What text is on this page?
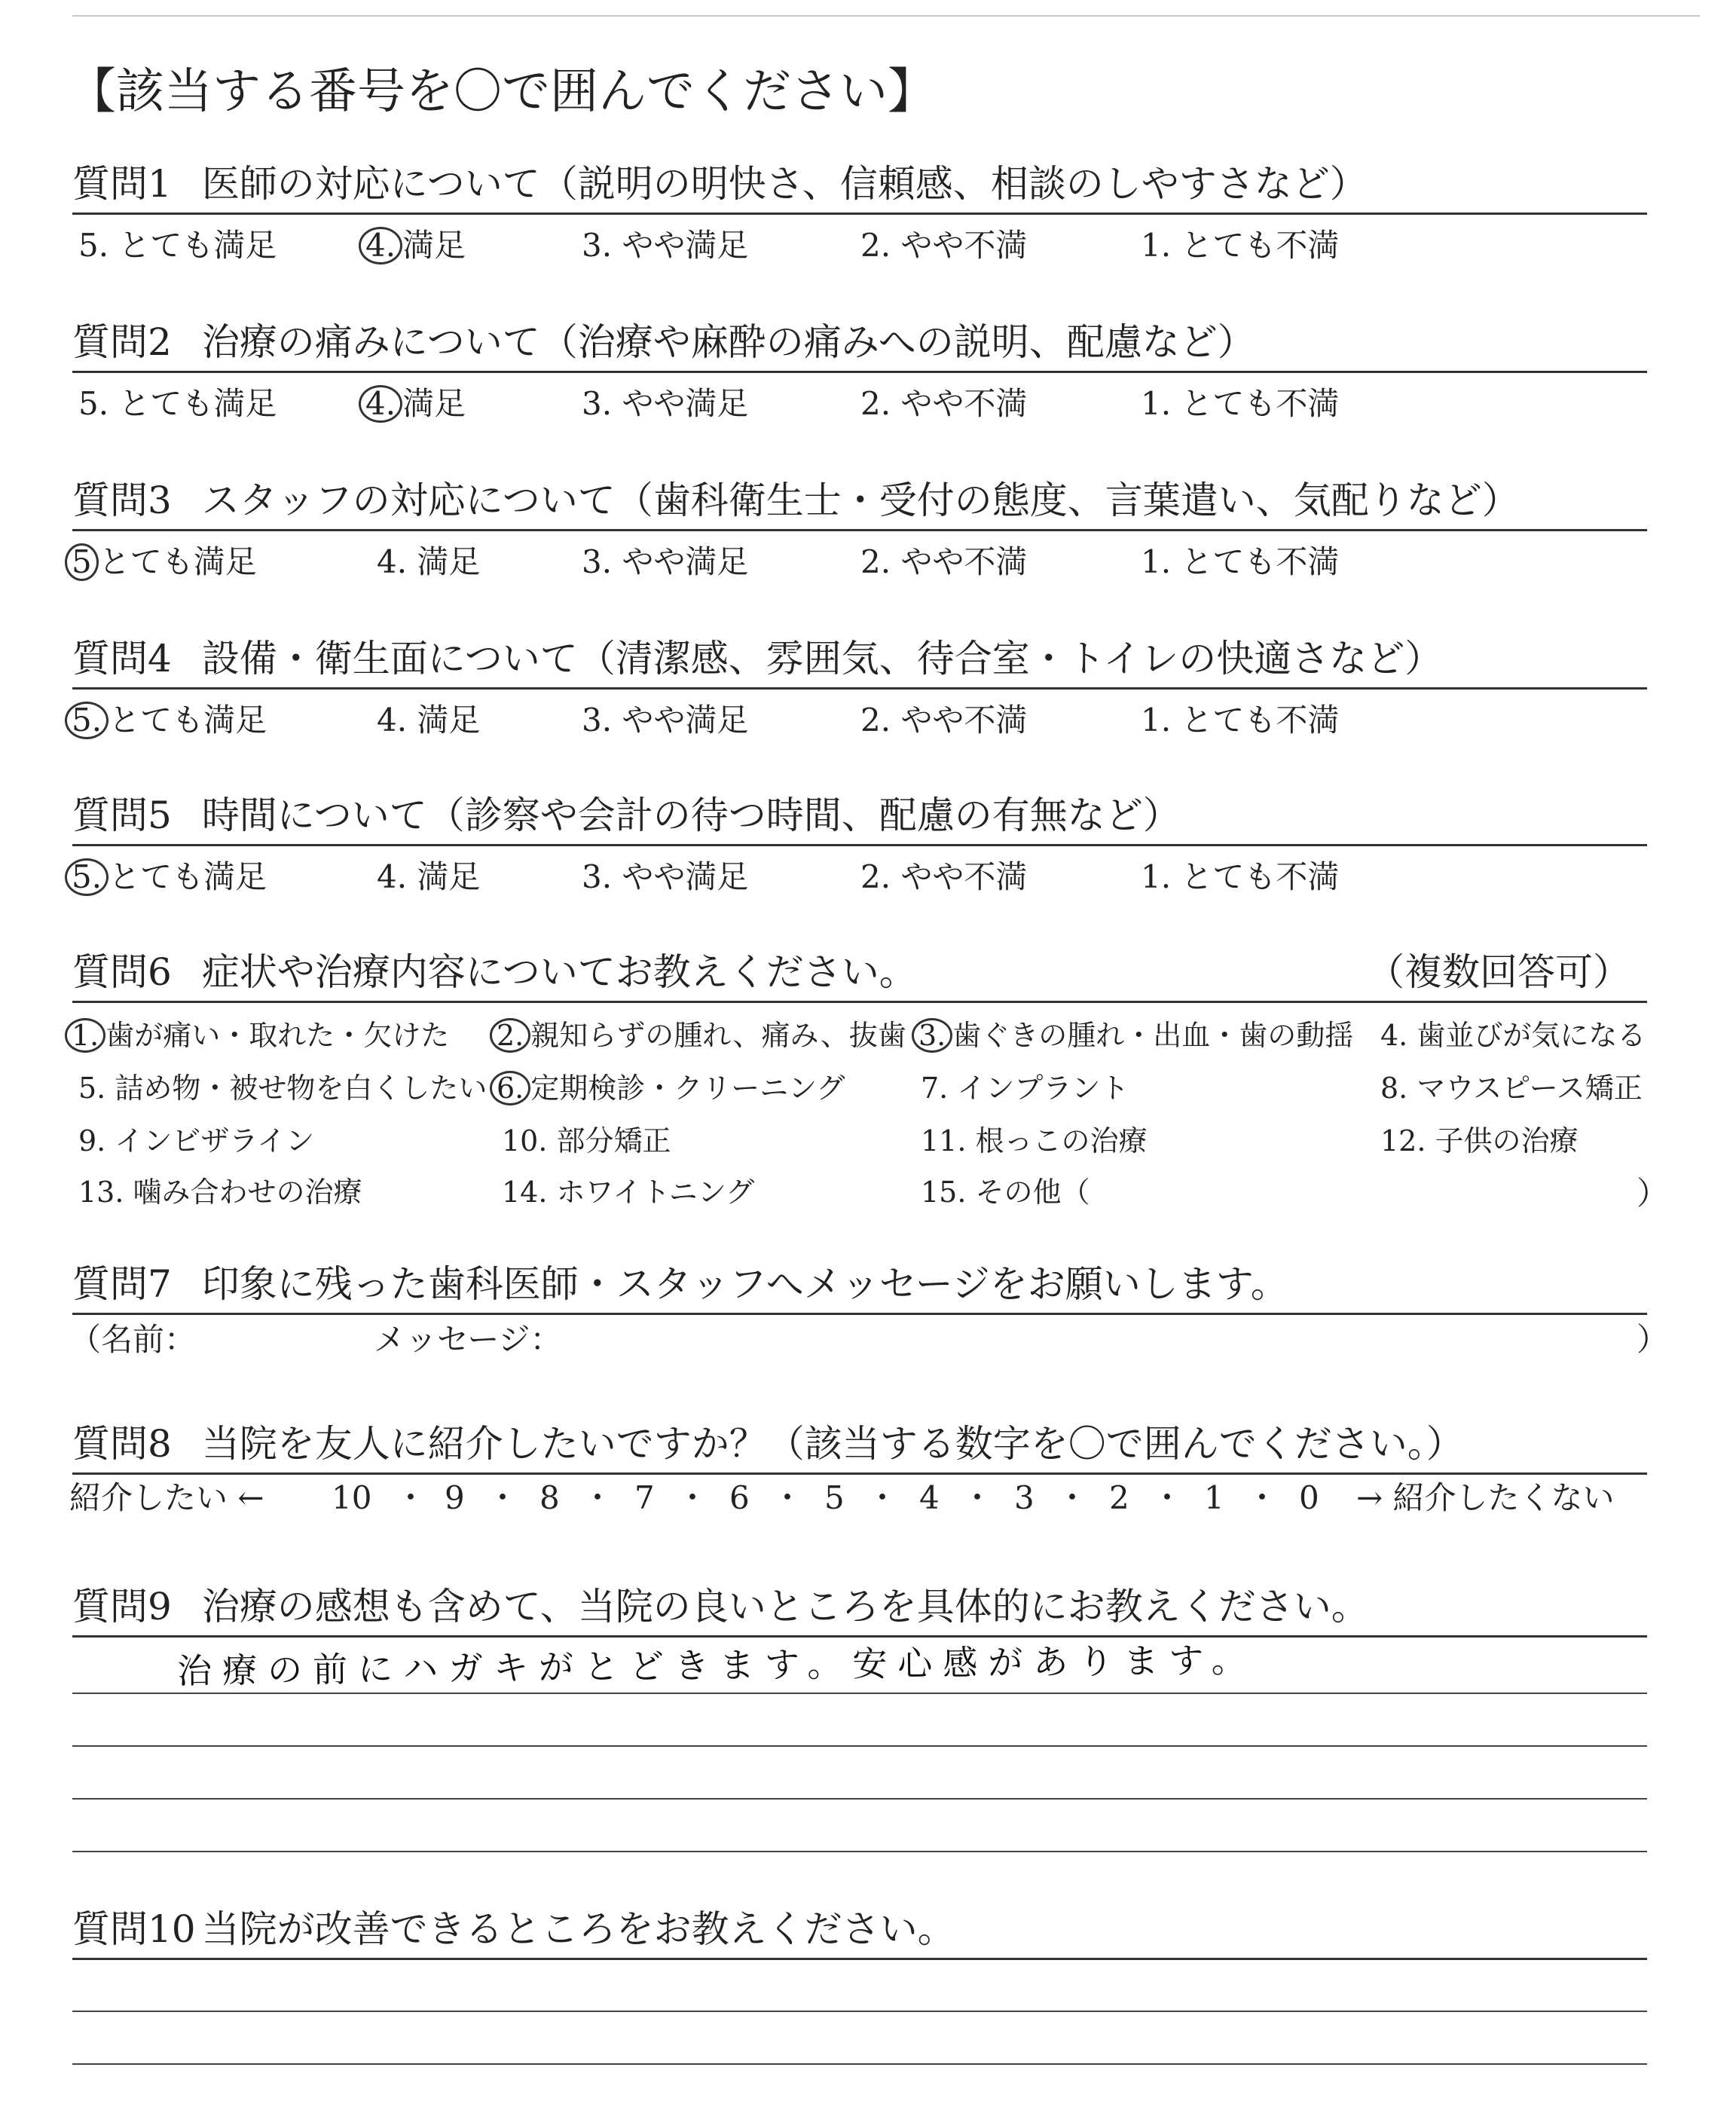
【該当する番号を〇で囲んでください】
質問1 医師の対応について（説明の明快さ、信頼感、相談のしやすさなど）
5. とても満足	4. 満足	3. やや満足	2. やや不満	1. とても不満
質問2 治療の痛みについて（治療や麻酔の痛みへの説明、配慮など）
5. とても満足	4. 満足	3. やや満足	2. やや不満	1. とても不満
質問3 スタッフの対応について（歯科衛生士・受付の態度、言葉遣い、気配りなど）
5 とても満足	4. 満足	3. やや満足	2. やや不満	1. とても不満
質問4 設備・衛生面について（清潔感、雰囲気、待合室・トイレの快適さなど）
5. とても満足	4. 満足	3. やや満足	2. やや不満	1. とても不満
質問5 時間について（診察や会計の待つ時間、配慮の有無など）
5. とても満足	4. 満足	3. やや満足	2. やや不満	1. とても不満
質問6 症状や治療内容についてお教えください。	（複数回答可）
1. 歯が痛い・取れた・欠けた 2. 親知らずの腫れ、痛み、抜歯 3. 歯ぐきの腫れ・出血・歯の動揺 4. 歯並びが気になる
5. 詰め物・被せ物を白くしたい 6. 定期検診・クリーニング	7. インプラント	8. マウスピース矯正
9. インビザライン	10. 部分矯正	11. 根っこの治療	12. 子供の治療
13. 噛み合わせの治療	14. ホワイトニング	15. その他（	）
質問7 印象に残った歯科医師・スタッフへメッセージをお願いします。
（名前：	メッセージ：	）
質問8 当院を友人に紹介したいですか？（該当する数字を〇で囲んでください。）
紹介したい ← 10 ・ 9 ・ 8 ・ 7 ・ 6 ・ 5 ・ 4 ・ 3 ・ 2 ・ 1 ・ 0 → 紹介したくない
質問9 治療の感想も含めて、当院の良いところを具体的にお教えください。
治療の前にハガキがとどきます。安心感があります。
質問10 当院が改善できるところをお教えください。
